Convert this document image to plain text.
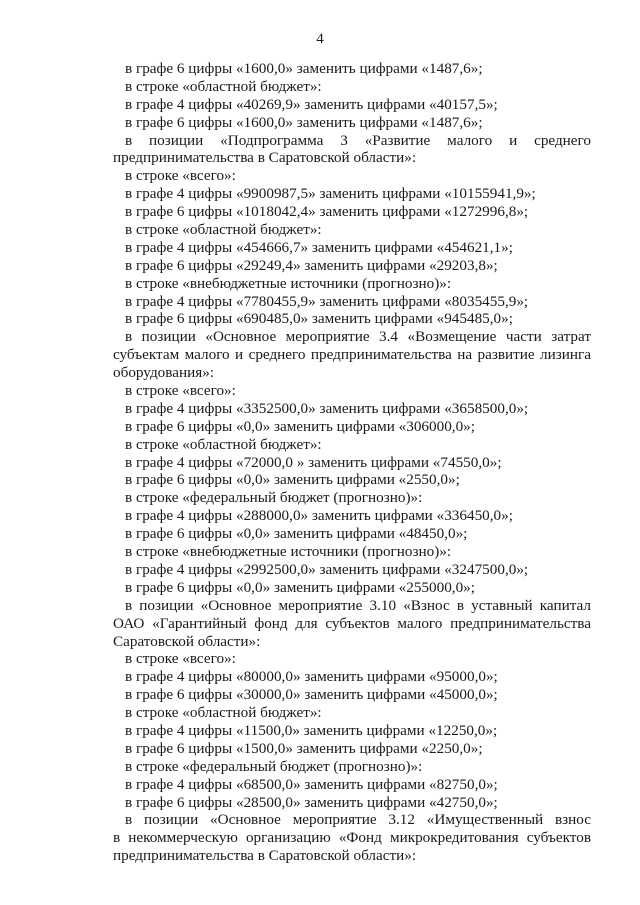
4
в графе 6 цифры «1600,0» заменить цифрами «1487,6»;
в строке «областной бюджет»:
в графе 4 цифры «40269,9» заменить цифрами «40157,5»;
в графе 6 цифры «1600,0» заменить цифрами «1487,6»;
в позиции «Подпрограмма 3 «Развитие малого и среднего
предпринимательства в Саратовской области»:
в строке «всего»:
в графе 4 цифры «9900987,5» заменить цифрами «10155941,9»;
в графе 6 цифры «1018042,4» заменить цифрами «1272996,8»;
в строке «областной бюджет»:
в графе 4 цифры «454666,7» заменить цифрами «454621,1»;
в графе 6 цифры «29249,4» заменить цифрами «29203,8»;
в строке «внебюджетные источники (прогнозно)»:
в графе 4 цифры «7780455,9» заменить цифрами «8035455,9»;
в графе 6 цифры «690485,0» заменить цифрами «945485,0»;
в позиции «Основное мероприятие 3.4 «Возмещение части затрат
субъектам малого и среднего предпринимательства на развитие лизинга
оборудования»:
в строке «всего»:
в графе 4 цифры «3352500,0» заменить цифрами «3658500,0»;
в графе 6 цифры «0,0» заменить цифрами «306000,0»;
в строке «областной бюджет»:
в графе 4 цифры «72000,0 » заменить цифрами «74550,0»;
в графе 6 цифры «0,0» заменить цифрами «2550,0»;
в строке «федеральный бюджет (прогнозно)»:
в графе 4 цифры «288000,0» заменить цифрами «336450,0»;
в графе 6 цифры «0,0» заменить цифрами «48450,0»;
в строке «внебюджетные источники (прогнозно)»:
в графе 4 цифры «2992500,0» заменить цифрами «3247500,0»;
в графе 6 цифры «0,0» заменить цифрами «255000,0»;
в позиции «Основное мероприятие 3.10 «Взнос в уставный капитал
ОАО «Гарантийный фонд для субъектов малого предпринимательства
Саратовской области»:
в строке «всего»:
в графе 4 цифры «80000,0» заменить цифрами «95000,0»;
в графе 6 цифры «30000,0» заменить цифрами «45000,0»;
в строке «областной бюджет»:
в графе 4 цифры «11500,0» заменить цифрами «12250,0»;
в графе 6 цифры «1500,0» заменить цифрами «2250,0»;
в строке «федеральный бюджет (прогнозно)»:
в графе 4 цифры «68500,0» заменить цифрами «82750,0»;
в графе 6 цифры «28500,0» заменить цифрами «42750,0»;
в позиции «Основное мероприятие 3.12 «Имущественный взнос
в некоммерческую организацию «Фонд микрокредитования субъектов
предпринимательства в Саратовской области»:
